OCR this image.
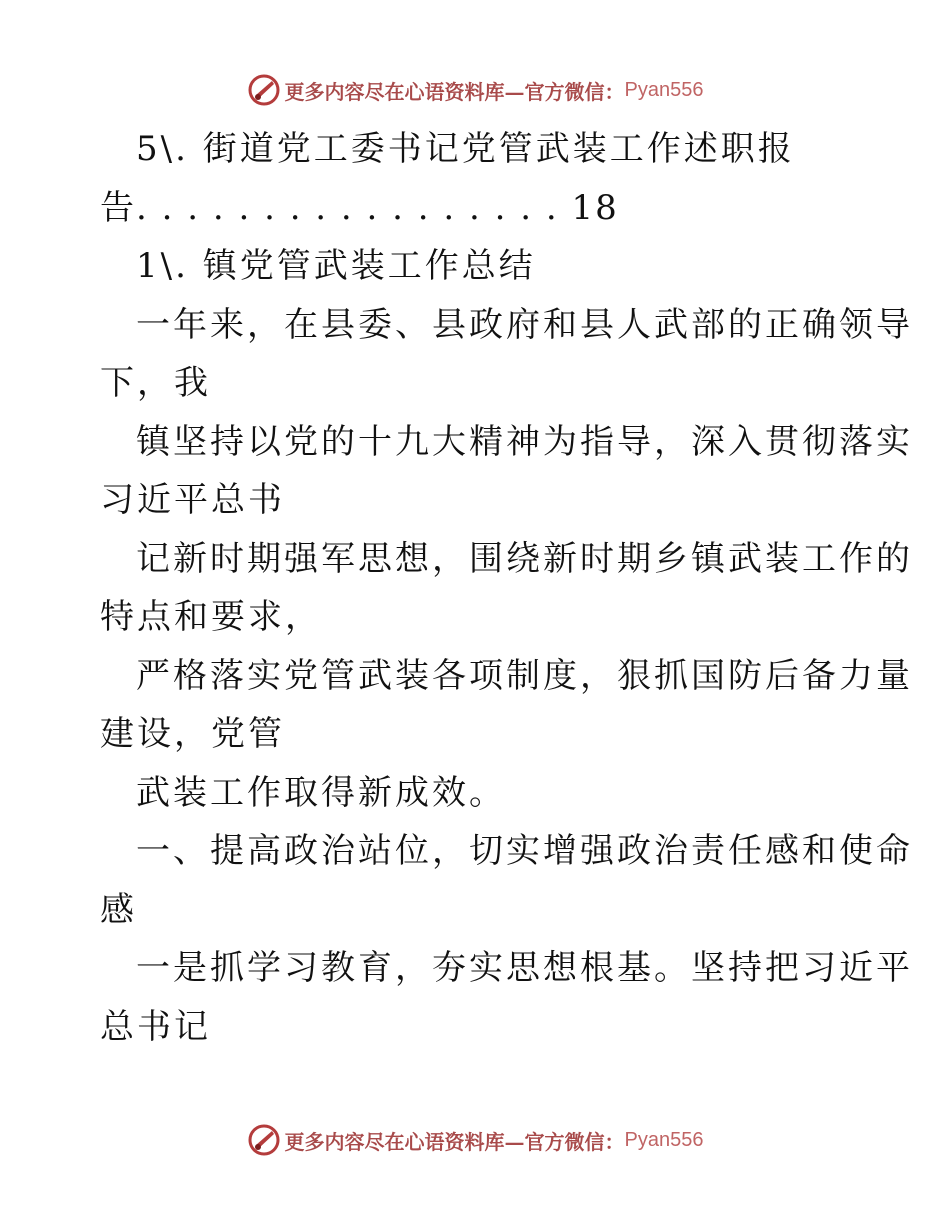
更多内容尽在心语资料库—官方微信： Pyan556
5\. 街道党工委书记党管武装工作述职报
告. . . . . . . . . . . . . . . . . 18
1\. 镇党管武装工作总结
一年来，在县委、县政府和县人武部的正确领导
下，我
镇坚持以党的十九大精神为指导，深入贯彻落实
习近平总书
记新时期强军思想，围绕新时期乡镇武装工作的
特点和要求，
严格落实党管武装各项制度，狠抓国防后备力量
建设，党管
武装工作取得新成效。
一、提高政治站位，切实增强政治责任感和使命
感
一是抓学习教育，夯实思想根基。坚持把习近平
总书记
更多内容尽在心语资料库—官方微信： Pyan556
